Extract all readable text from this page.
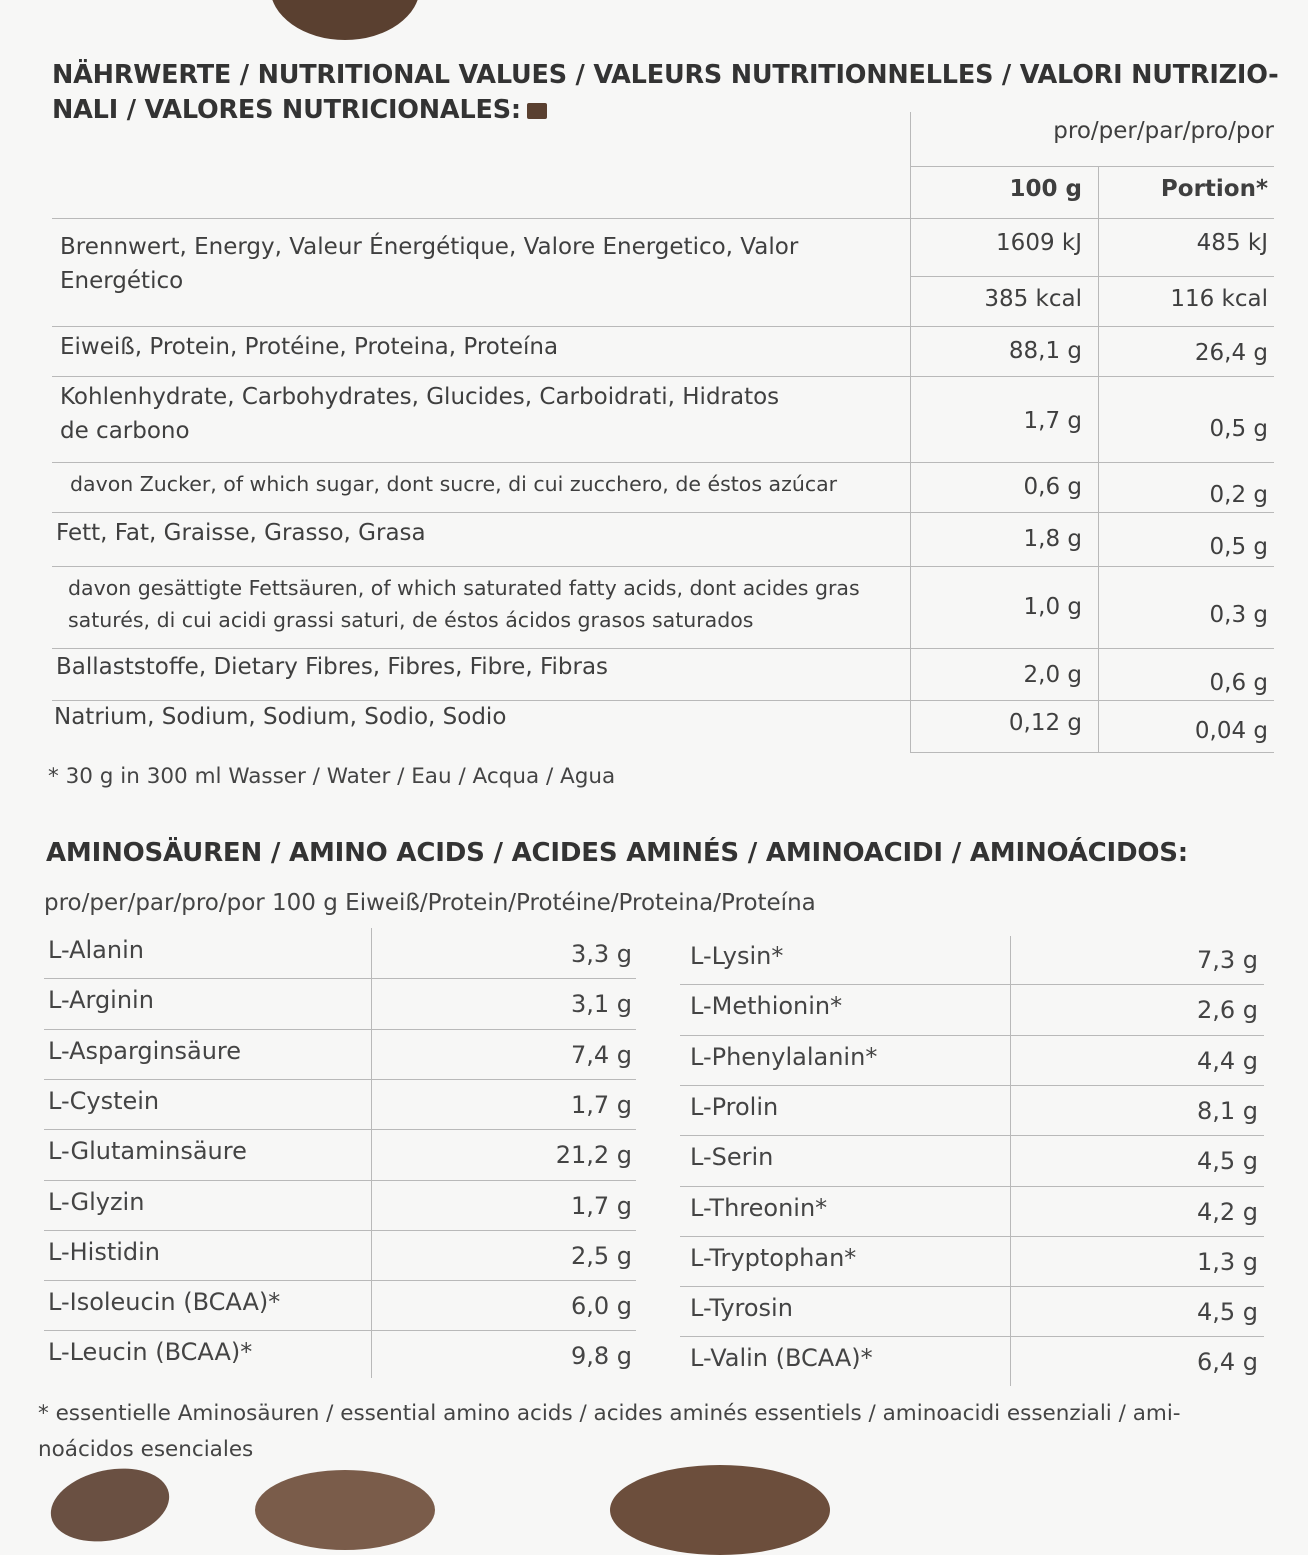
NÄHRWERTE / NUTRITIONAL VALUES / VALEURS NUTRITIONNELLES / VALORI NUTRIZIO-
NALI / VALORES NUTRICIONALES:
pro/per/par/pro/por
100 g	Portion*
Brennwert, Energy, Valeur Énergétique, Valore Energetico, Valor
Energético
1609 kJ	485 kJ
385 kcal	116 kcal
Eiweiß, Protein, Protéine, Proteina, Proteína	88,1 g	26,4 g
Kohlenhydrate, Carbohydrates, Glucides, Carboidrati, Hidratos
de carbono	1,7 g	0,5 g
davon Zucker, of which sugar, dont sucre, di cui zucchero, de éstos azúcar	0,6 g	0,2 g
Fett, Fat, Graisse, Grasso, Grasa	1,8 g	0,5 g
davon gesättigte Fettsäuren, of which saturated fatty acids, dont acides gras
saturés, di cui acidi grassi saturi, de éstos ácidos grasos saturados	1,0 g	0,3 g
Ballaststoffe, Dietary Fibres, Fibres, Fibre, Fibras	2,0 g	0,6 g
Natrium, Sodium, Sodium, Sodio, Sodio	0,12 g	0,04 g
* 30 g in 300 ml Wasser / Water / Eau / Acqua / Agua
AMINOSÄUREN / AMINO ACIDS / ACIDES AMINÉS / AMINOACIDI / AMINOÁCIDOS:
pro/per/par/pro/por 100 g Eiweiß/Protein/Protéine/Proteina/Proteína
L-Alanin	3,3 g
L-Arginin	3,1 g
L-Asparginsäure	7,4 g
L-Cystein	1,7 g
L-Glutaminsäure	21,2 g
L-Glyzin	1,7 g
L-Histidin	2,5 g
L-Isoleucin (BCAA)*	6,0 g
L-Leucin (BCAA)*	9,8 g
L-Lysin*	7,3 g
L-Methionin*	2,6 g
L-Phenylalanin*	4,4 g
L-Prolin	8,1 g
L-Serin	4,5 g
L-Threonin*	4,2 g
L-Tryptophan*	1,3 g
L-Tyrosin	4,5 g
L-Valin (BCAA)*	6,4 g
* essentielle Aminosäuren / essential amino acids / acides aminés essentiels / aminoacidi essenziali / ami-
noácidos esenciales
